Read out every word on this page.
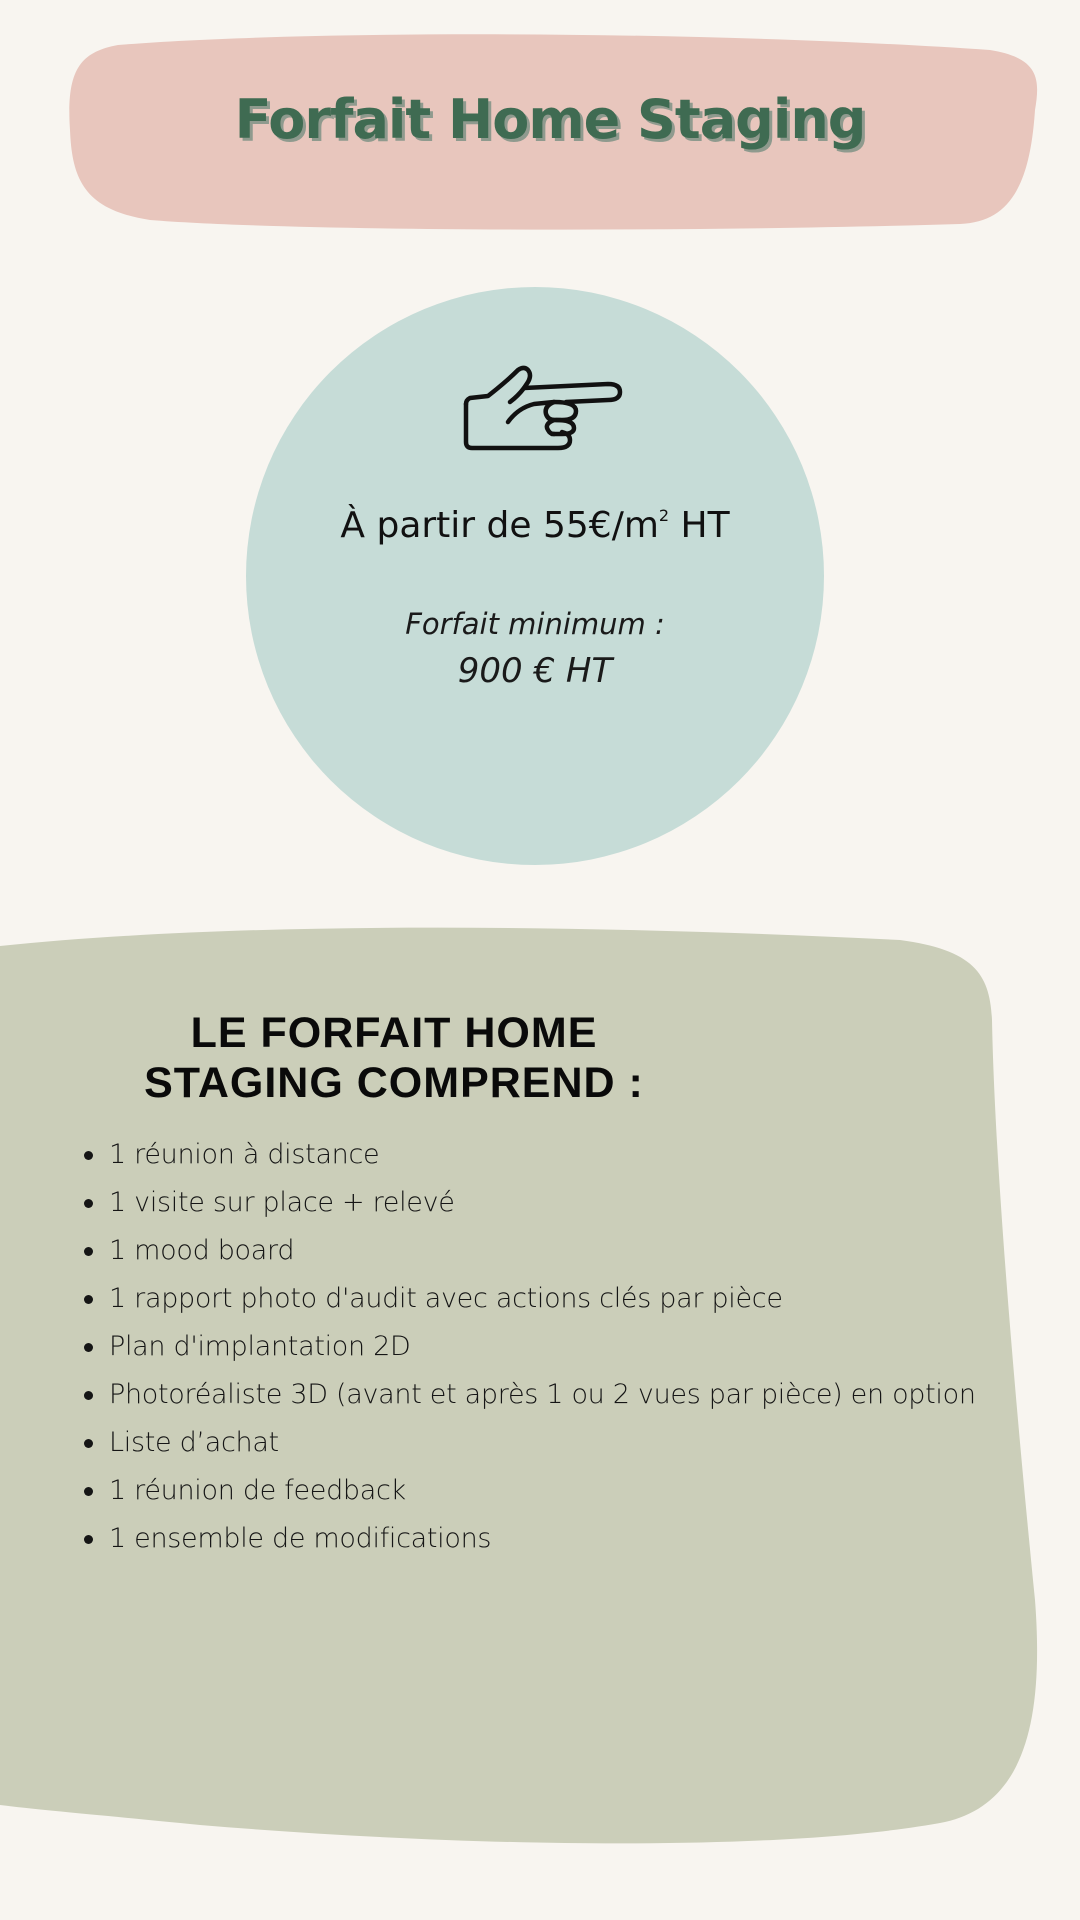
Forfait Home Staging
À partir de $55€/m^2$ HT
Forfait minimum :
900 € HT
LE FORFAIT HOME
STAGING COMPREND :
1 réunion à distance
1 visite sur place + relevé
1 mood board
1 rapport photo d'audit avec actions clés par pièce
Plan d'implantation 2D
Photoréaliste 3D (avant et après 1 ou 2 vues par pièce) en option
Liste d’achat
1 réunion de feedback
1 ensemble de modifications
